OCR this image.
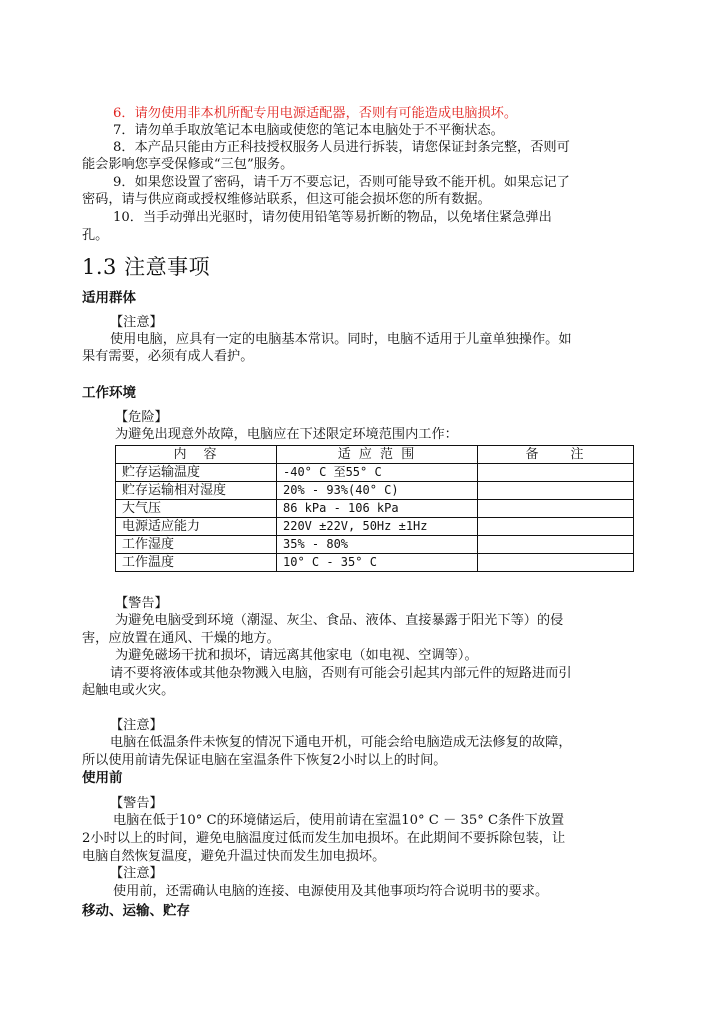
6．请勿使用非本机所配专用电源适配器，否则有可能造成电脑损坏。
7．请勿单手取放笔记本电脑或使您的笔记本电脑处于不平衡状态。
8．本产品只能由方正科技授权服务人员进行拆装，请您保证封条完整，否则可
能会影响您享受保修或“三包”服务。
9．如果您设置了密码，请千万不要忘记，否则可能导致不能开机。如果忘记了
密码，请与供应商或授权维修站联系，但这可能会损坏您的所有数据。
10．当手动弹出光驱时，请勿使用铅笔等易折断的物品，以免堵住紧急弹出
孔。
1.3 注意事项
适用群体
【注意】
使用电脑，应具有一定的电脑基本常识。同时，电脑不适用于儿童单独操作。如
果有需要，必须有成人看护。
工作环境
【危险】
为避免出现意外故障，电脑应在下述限定环境范围内工作：
内　容	适 应 范 围	备　　注
贮存运输温度	-40° C 至55° C	
贮存运输相对湿度	20% - 93%(40° C)	
大气压	86 kPa - 106 kPa	
电源适应能力	220V ±22V, 50Hz ±1Hz	
工作湿度	35% - 80%	
工作温度	10° C - 35° C	
【警告】
为避免电脑受到环境（潮湿、灰尘、食品、液体、直接暴露于阳光下等）的侵
害，应放置在通风、干燥的地方。
为避免磁场干扰和损坏，请远离其他家电（如电视、空调等）。
请不要将液体或其他杂物溅入电脑，否则有可能会引起其内部元件的短路进而引
起触电或火灾。
【注意】
电脑在低温条件未恢复的情况下通电开机，可能会给电脑造成无法修复的故障，
所以使用前请先保证电脑在室温条件下恢复2小时以上的时间。
使用前
【警告】
电脑在低于10° C的环境储运后，使用前请在室温10° C － 35° C条件下放置
2小时以上的时间，避免电脑温度过低而发生加电损坏。在此期间不要拆除包装，让
电脑自然恢复温度，避免升温过快而发生加电损坏。
【注意】
使用前，还需确认电脑的连接、电源使用及其他事项均符合说明书的要求。
移动、运输、贮存
